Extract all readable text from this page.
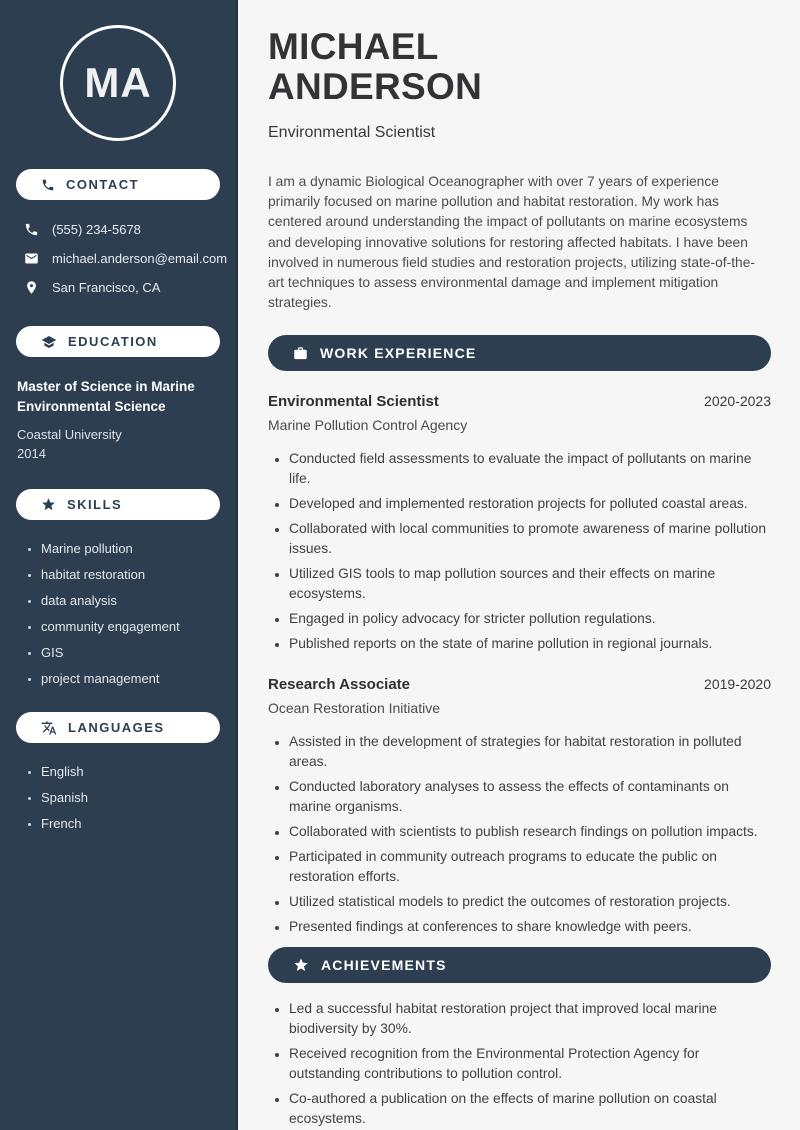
MA
CONTACT
(555) 234-5678
michael.anderson@email.com
San Francisco, CA
EDUCATION
Master of Science in Marine Environmental Science
Coastal University
2014
SKILLS
• Marine pollution
• habitat restoration
• data analysis
• community engagement
• GIS
• project management
LANGUAGES
• English
• Spanish
• French
MICHAEL
ANDERSON
Environmental Scientist

I am a dynamic Biological Oceanographer with over 7 years of experience primarily focused on marine pollution and habitat restoration. My work has centered around understanding the impact of pollutants on marine ecosystems and developing innovative solutions for restoring affected habitats. I have been involved in numerous field studies and restoration projects, utilizing state-of-the-art techniques to assess environmental damage and implement mitigation strategies.

WORK EXPERIENCE
Environmental Scientist	2020-2023
Marine Pollution Control Agency
• Conducted field assessments to evaluate the impact of pollutants on marine life.
• Developed and implemented restoration projects for polluted coastal areas.
• Collaborated with local communities to promote awareness of marine pollution issues.
• Utilized GIS tools to map pollution sources and their effects on marine ecosystems.
• Engaged in policy advocacy for stricter pollution regulations.
• Published reports on the state of marine pollution in regional journals.
Research Associate	2019-2020
Ocean Restoration Initiative
• Assisted in the development of strategies for habitat restoration in polluted areas.
• Conducted laboratory analyses to assess the effects of contaminants on marine organisms.
• Collaborated with scientists to publish research findings on pollution impacts.
• Participated in community outreach programs to educate the public on restoration efforts.
• Utilized statistical models to predict the outcomes of restoration projects.
• Presented findings at conferences to share knowledge with peers.
ACHIEVEMENTS
• Led a successful habitat restoration project that improved local marine biodiversity by 30%.
• Received recognition from the Environmental Protection Agency for outstanding contributions to pollution control.
• Co-authored a publication on the effects of marine pollution on coastal ecosystems.
